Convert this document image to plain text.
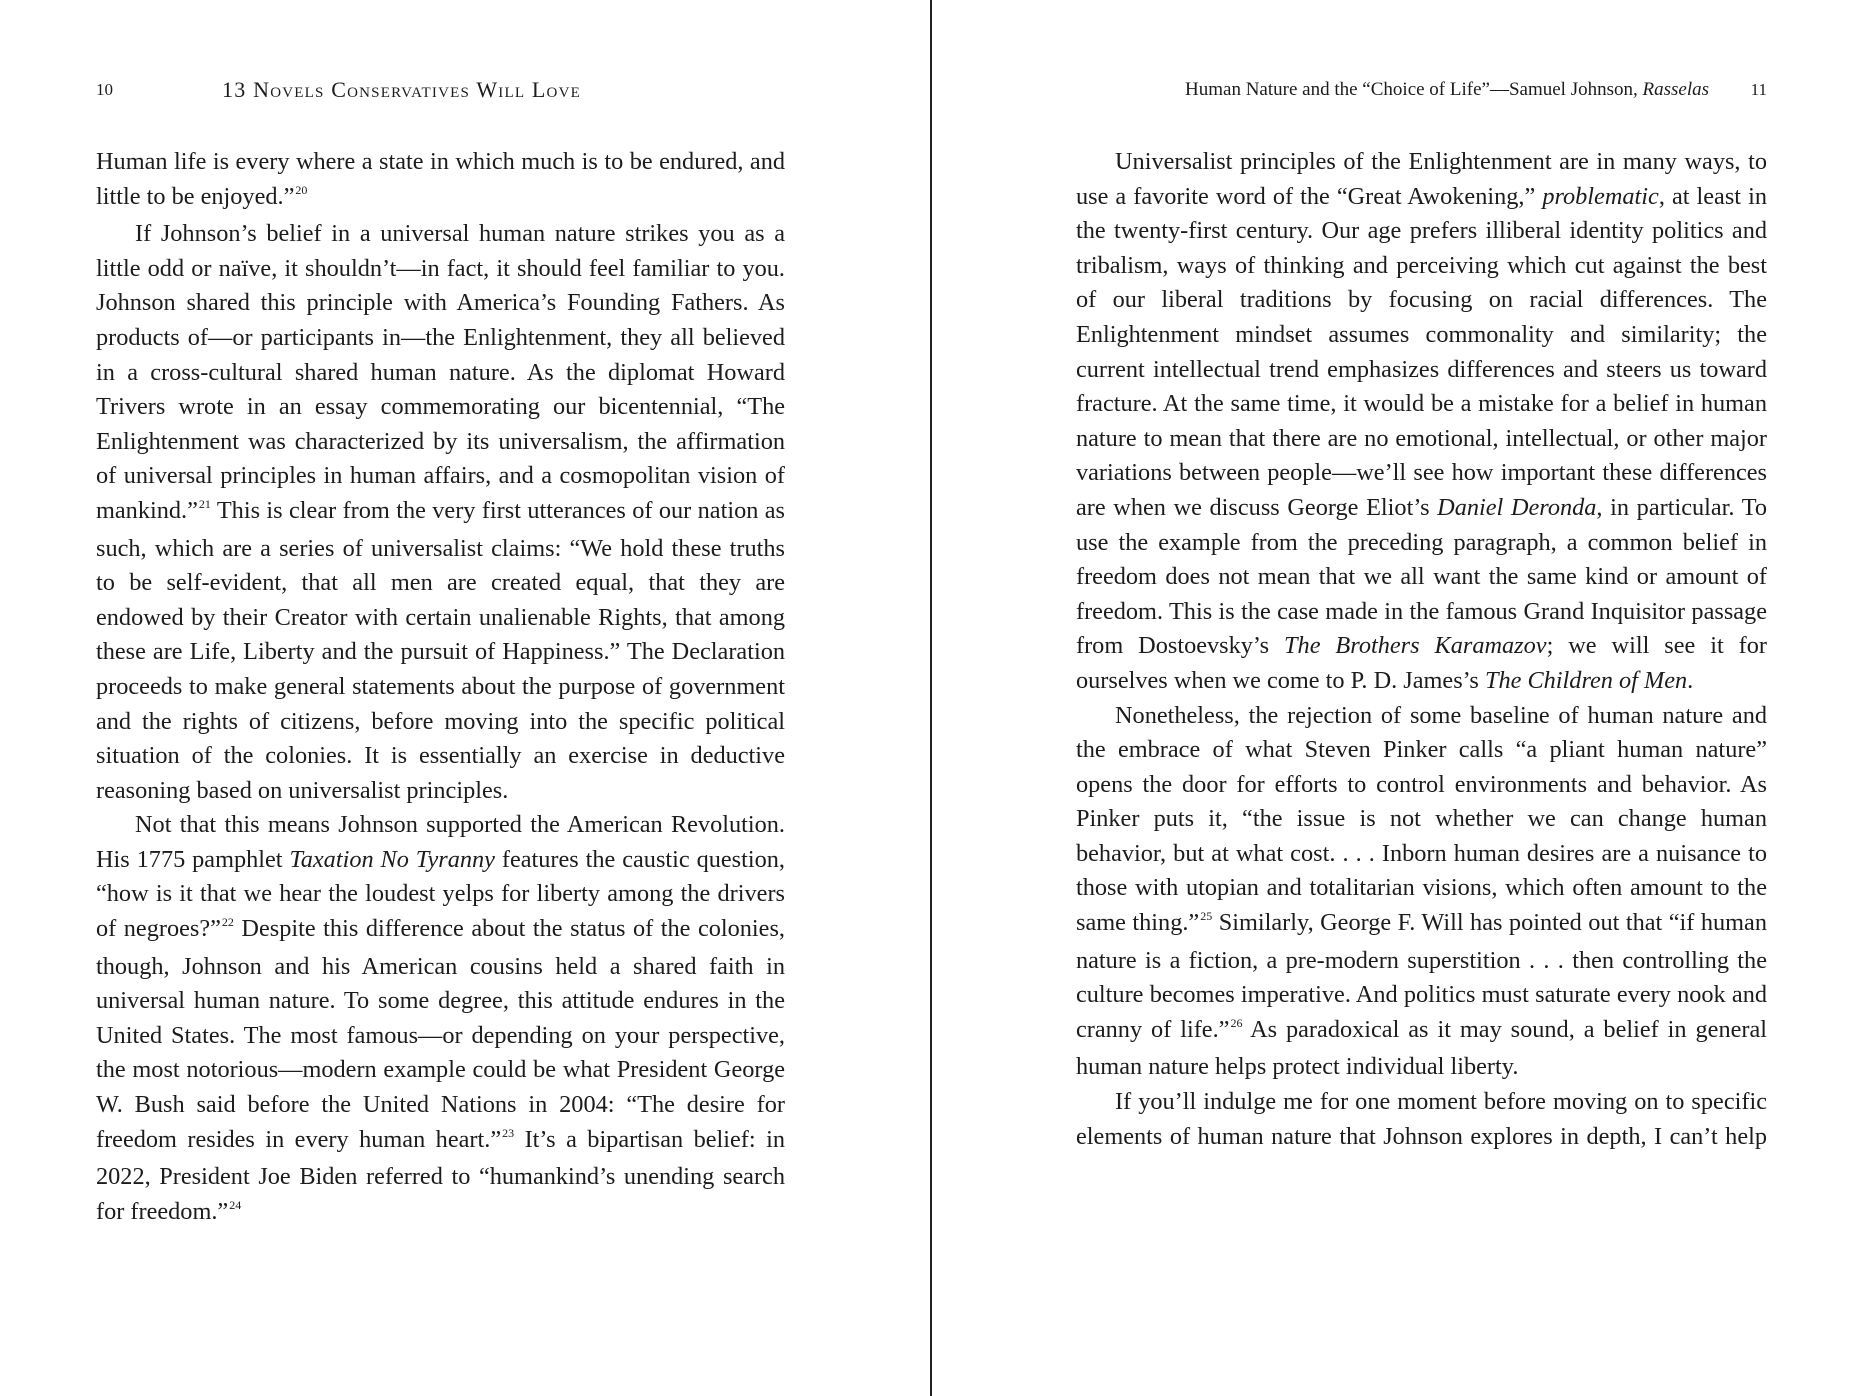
10	13 Novels Conservatives Will Love

Human life is every where a state in which much is to be endured, and little to be enjoyed.”$^{20}$

If Johnson’s belief in a universal human nature strikes you as a little odd or naïve, it shouldn’t—in fact, it should feel familiar to you. Johnson shared this principle with America’s Founding Fathers. As products of—or participants in—the Enlightenment, they all believed in a cross-cultural shared human nature. As the diplomat Howard Trivers wrote in an essay commemorating our bicentennial, “The Enlightenment was characterized by its universalism, the affirmation of universal principles in human affairs, and a cosmopolitan vision of mankind.”$^{21}$ This is clear from the very first utterances of our nation as such, which are a series of universalist claims: “We hold these truths to be self-evident, that all men are created equal, that they are endowed by their Creator with certain unalienable Rights, that among these are Life, Liberty and the pursuit of Happiness.” The Declaration proceeds to make general statements about the purpose of government and the rights of citizens, before moving into the specific political situation of the colonies. It is essentially an exercise in deductive reasoning based on universalist principles.

Not that this means Johnson supported the American Revolution. His 1775 pamphlet Taxation No Tyranny features the caustic question, “how is it that we hear the loudest yelps for liberty among the drivers of negroes?”$^{22}$ Despite this difference about the status of the colonies, though, Johnson and his American cousins held a shared faith in universal human nature. To some degree, this attitude endures in the United States. The most famous—or depending on your perspective, the most notorious—modern example could be what President George W. Bush said before the United Nations in 2004: “The desire for freedom resides in every human heart.”$^{23}$ It’s a bipartisan belief: in 2022, President Joe Biden referred to “humankind’s unending search for freedom.”$^{24}$

Human Nature and the “Choice of Life”—Samuel Johnson, Rasselas 11

Universalist principles of the Enlightenment are in many ways, to use a favorite word of the “Great Awokening,” problematic, at least in the twenty-first century. Our age prefers illiberal identity politics and tribalism, ways of thinking and perceiving which cut against the best of our liberal traditions by focusing on racial differences. The Enlightenment mindset assumes commonality and similarity; the current intellectual trend emphasizes differences and steers us toward fracture. At the same time, it would be a mistake for a belief in human nature to mean that there are no emotional, intellectual, or other major variations between people—we’ll see how important these differences are when we discuss George Eliot’s Daniel Deronda, in particular. To use the example from the preceding paragraph, a common belief in freedom does not mean that we all want the same kind or amount of freedom. This is the case made in the famous Grand Inquisitor passage from Dostoevsky’s The Brothers Karamazov; we will see it for ourselves when we come to P. D. James’s The Children of Men.

Nonetheless, the rejection of some baseline of human nature and the embrace of what Steven Pinker calls “a pliant human nature” opens the door for efforts to control environments and behavior. As Pinker puts it, “the issue is not whether we can change human behavior, but at what cost. . . . Inborn human desires are a nuisance to those with utopian and totalitarian visions, which often amount to the same thing.”$^{25}$ Similarly, George F. Will has pointed out that “if human nature is a fiction, a pre-modern superstition . . . then controlling the culture becomes imperative. And politics must saturate every nook and cranny of life.”$^{26}$ As paradoxical as it may sound, a belief in general human nature helps protect individual liberty.

If you’ll indulge me for one moment before moving on to specific elements of human nature that Johnson explores in depth, I can’t help
